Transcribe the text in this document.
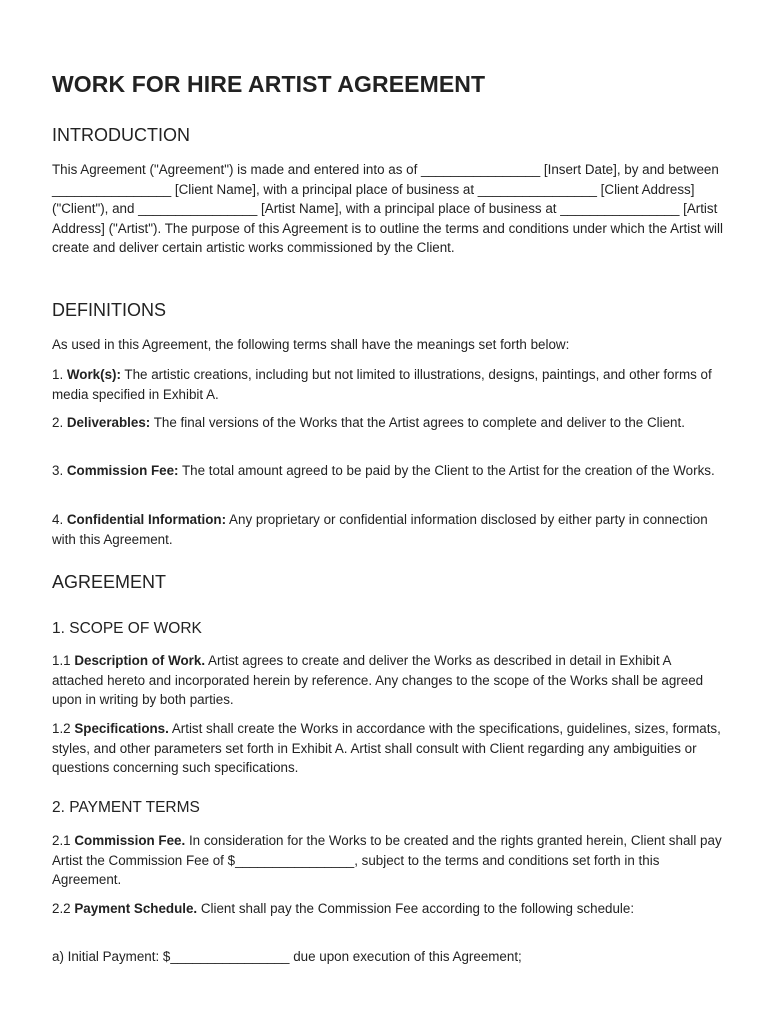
WORK FOR HIRE ARTIST AGREEMENT
INTRODUCTION

This Agreement ("Agreement") is made and entered into as of ________________ [Insert Date], by and between ________________ [Client Name], with a principal place of business at ________________ [Client Address] ("Client"), and ________________ [Artist Name], with a principal place of business at ________________ [Artist Address] ("Artist"). The purpose of this Agreement is to outline the terms and conditions under which the Artist will create and deliver certain artistic works commissioned by the Client.

DEFINITIONS

As used in this Agreement, the following terms shall have the meanings set forth below:

1. Work(s): The artistic creations, including but not limited to illustrations, designs, paintings, and other forms of media specified in Exhibit A.

2. Deliverables: The final versions of the Works that the Artist agrees to complete and deliver to the Client.

3. Commission Fee: The total amount agreed to be paid by the Client to the Artist for the creation of the Works.

4. Confidential Information: Any proprietary or confidential information disclosed by either party in connection with this Agreement.

AGREEMENT
1. SCOPE OF WORK

1.1 Description of Work. Artist agrees to create and deliver the Works as described in detail in Exhibit A attached hereto and incorporated herein by reference. Any changes to the scope of the Works shall be agreed upon in writing by both parties.

1.2 Specifications. Artist shall create the Works in accordance with the specifications, guidelines, sizes, formats, styles, and other parameters set forth in Exhibit A. Artist shall consult with Client regarding any ambiguities or questions concerning such specifications.

2. PAYMENT TERMS

2.1 Commission Fee. In consideration for the Works to be created and the rights granted herein, Client shall pay Artist the Commission Fee of $________________, subject to the terms and conditions set forth in this Agreement.

2.2 Payment Schedule. Client shall pay the Commission Fee according to the following schedule:

a) Initial Payment: $________________ due upon execution of this Agreement;
